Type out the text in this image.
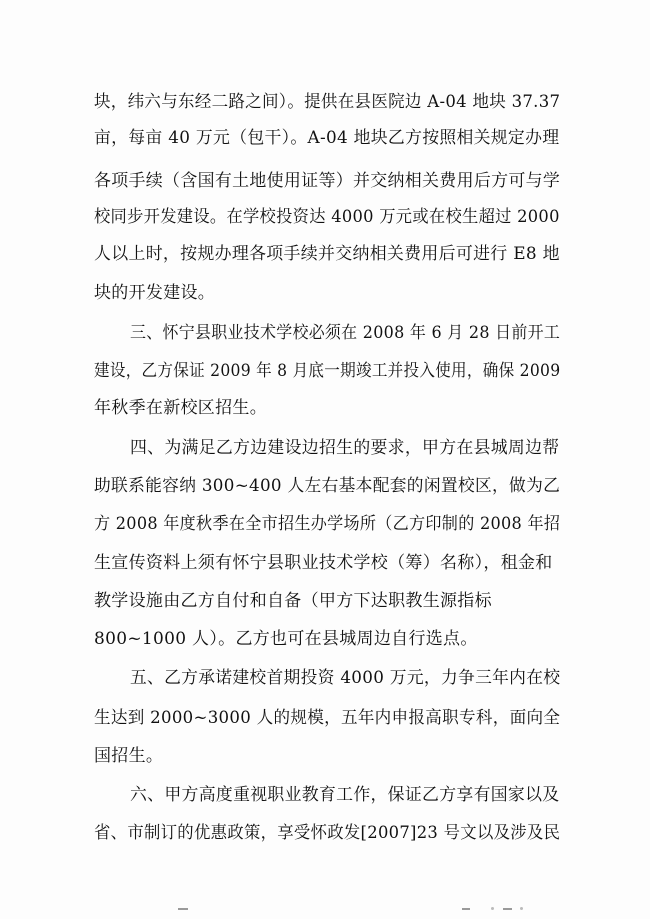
块，纬六与东经二路之间）。提供在县医院边 A-04 地块 37.37
亩，每亩 40 万元（包干）。A-04 地块乙方按照相关规定办理
各项手续（含国有土地使用证等）并交纳相关费用后方可与学
校同步开发建设。在学校投资达 4000 万元或在校生超过 2000
人以上时，按规办理各项手续并交纳相关费用后可进行 E8 地
块的开发建设。
三、怀宁县职业技术学校必须在 2008 年 6 月 28 日前开工
建设，乙方保证 2009 年 8 月底一期竣工并投入使用，确保 2009
年秋季在新校区招生。
四、为满足乙方边建设边招生的要求，甲方在县城周边帮
助联系能容纳 300~400 人左右基本配套的闲置校区，做为乙
方 2008 年度秋季在全市招生办学场所（乙方印制的 2008 年招
生宣传资料上须有怀宁县职业技术学校（筹）名称），租金和
教学设施由乙方自付和自备（甲方下达职教生源指标
800~1000 人）。乙方也可在县城周边自行选点。
五、乙方承诺建校首期投资 4000 万元，力争三年内在校
生达到 2000~3000 人的规模，五年内申报高职专科，面向全
国招生。
六、甲方高度重视职业教育工作，保证乙方享有国家以及
省、市制订的优惠政策，享受怀政发[2007]23 号文以及涉及民
